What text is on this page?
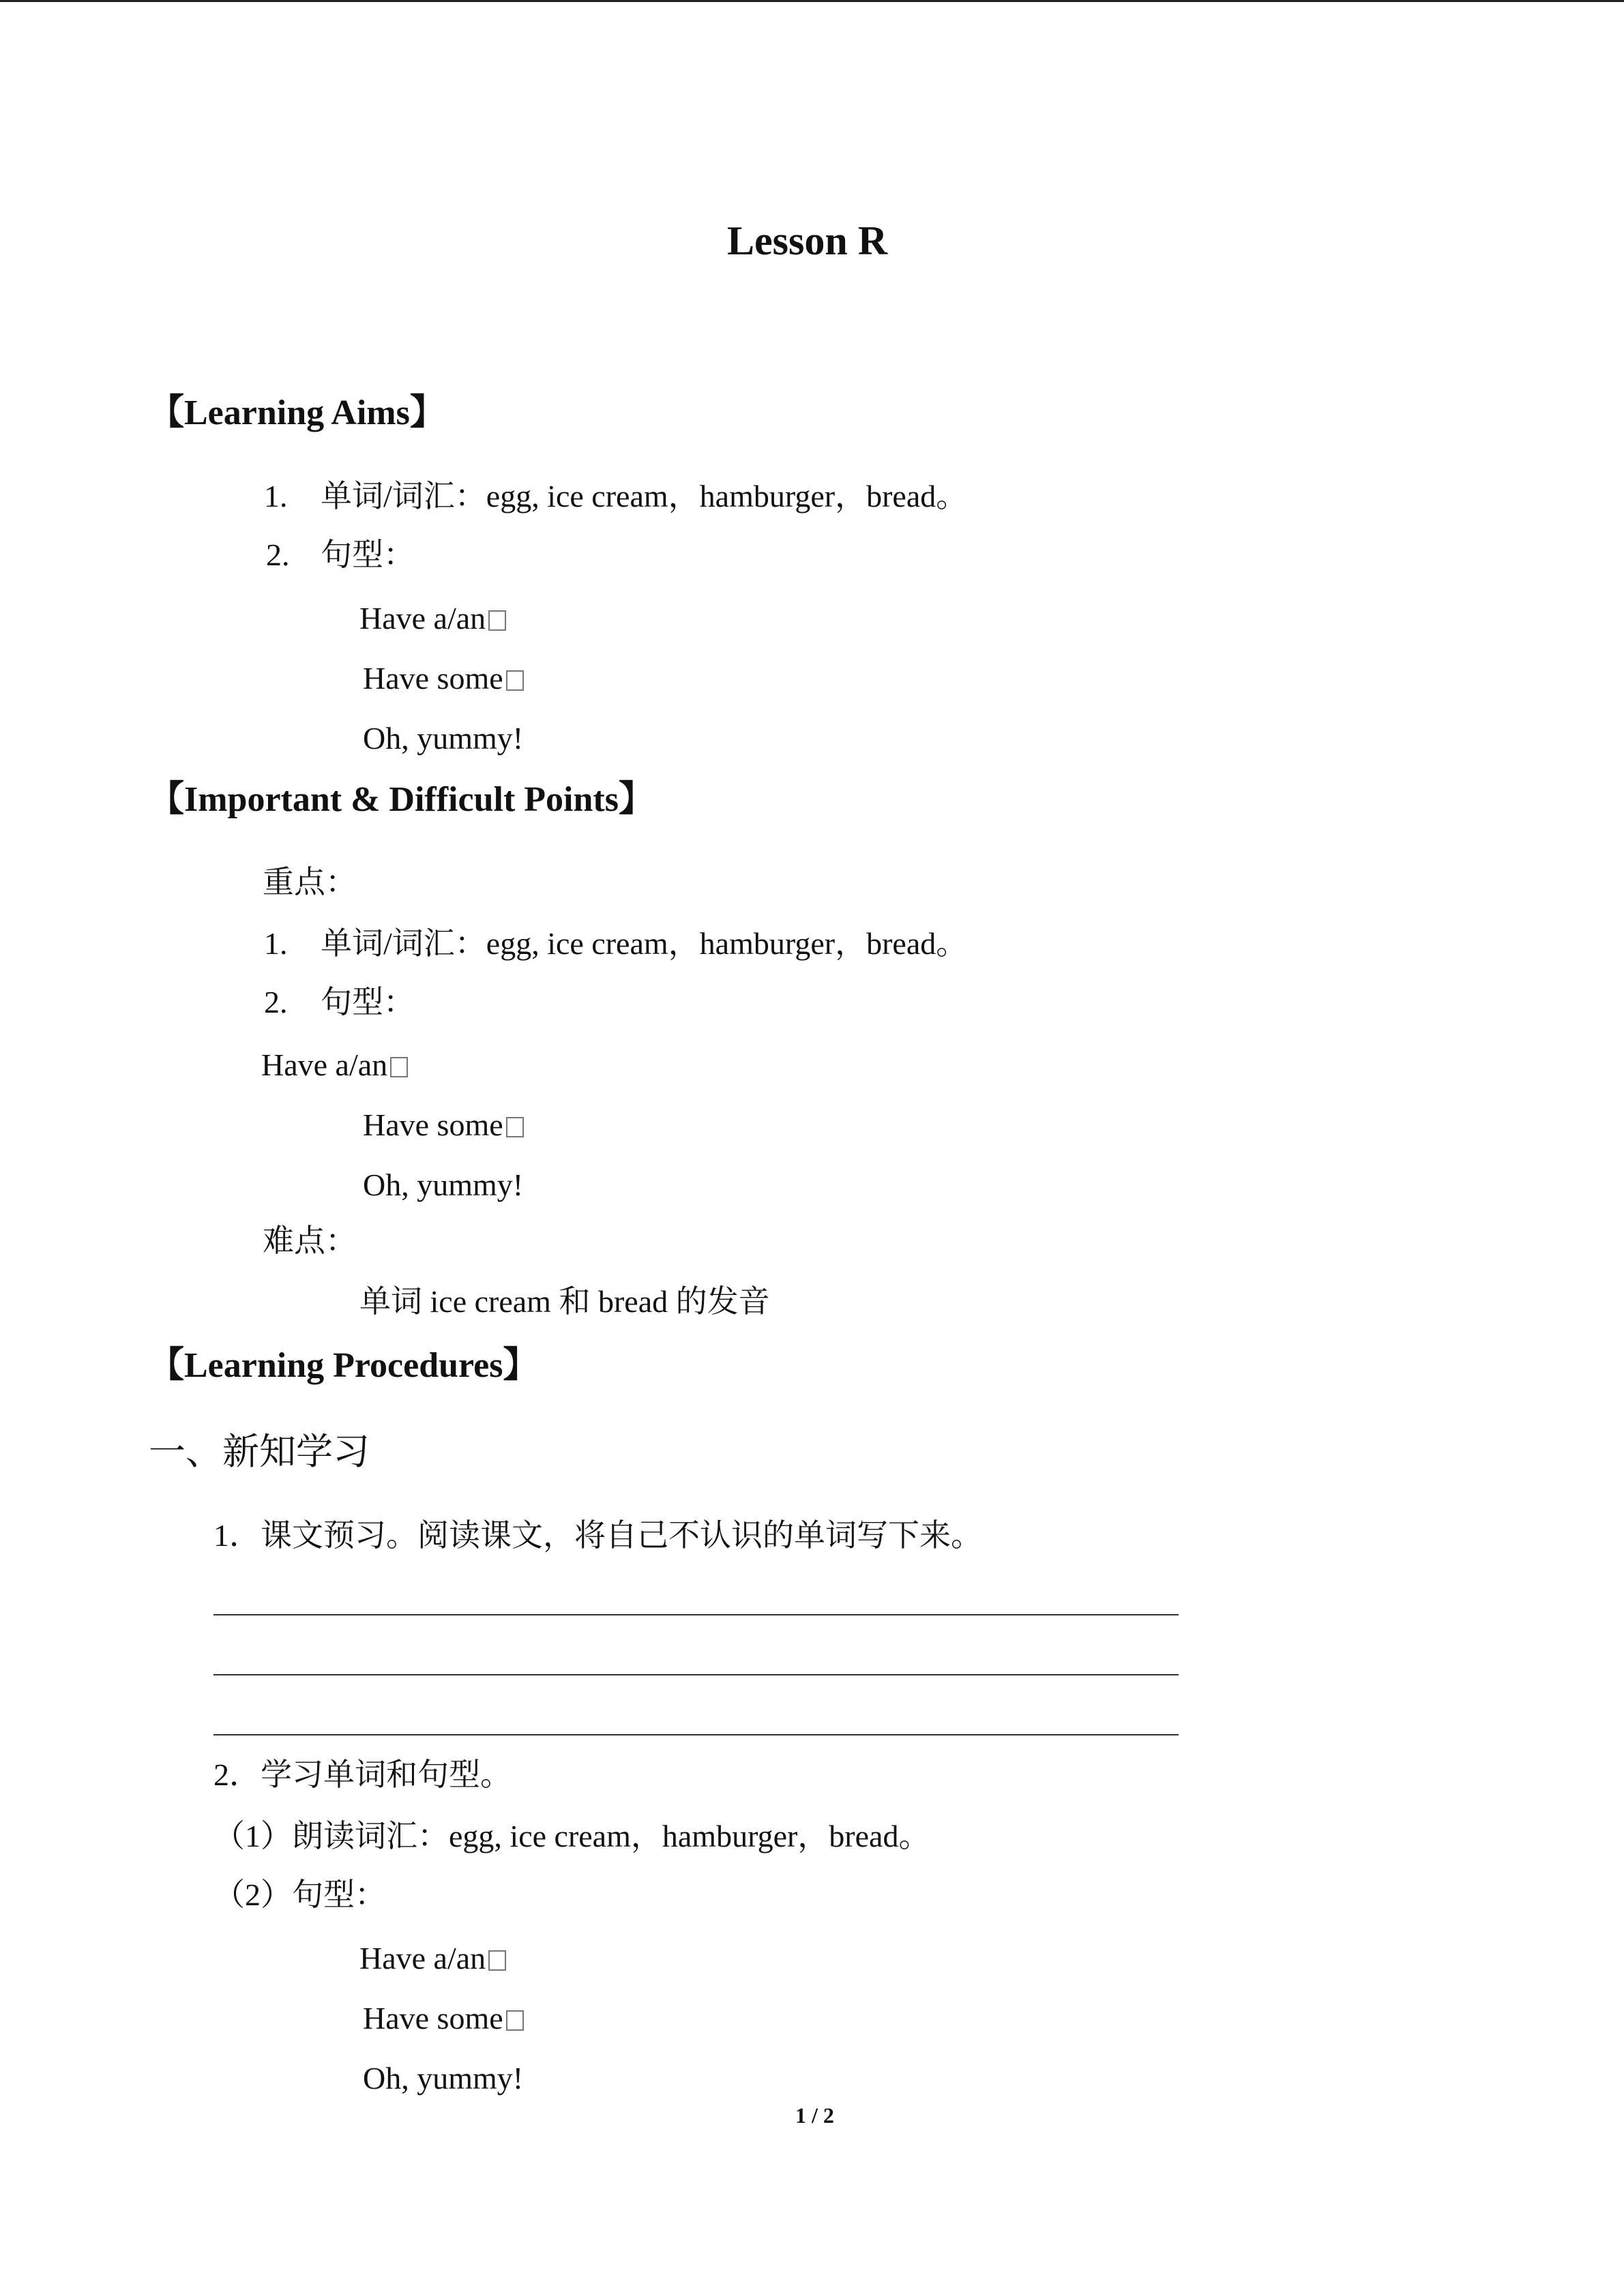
Lesson R
【Learning Aims】
1. 单词/词汇：egg, ice cream，hamburger，bread。
2. 句型：
Have a/an
Have some
Oh, yummy!
【Important & Difficult Points】
重点：
1. 单词/词汇：egg, ice cream，hamburger，bread。
2. 句型：
Have a/an
Have some
Oh, yummy!
难点：
单词 ice cream 和 bread 的发音
【Learning Procedures】
一、新知学习
1．课文预习。阅读课文，将自己不认识的单词写下来。
2．学习单词和句型。
（1）朗读词汇：egg, ice cream，hamburger，bread。
（2）句型：
Have a/an
Have some
Oh, yummy!
1 / 2
